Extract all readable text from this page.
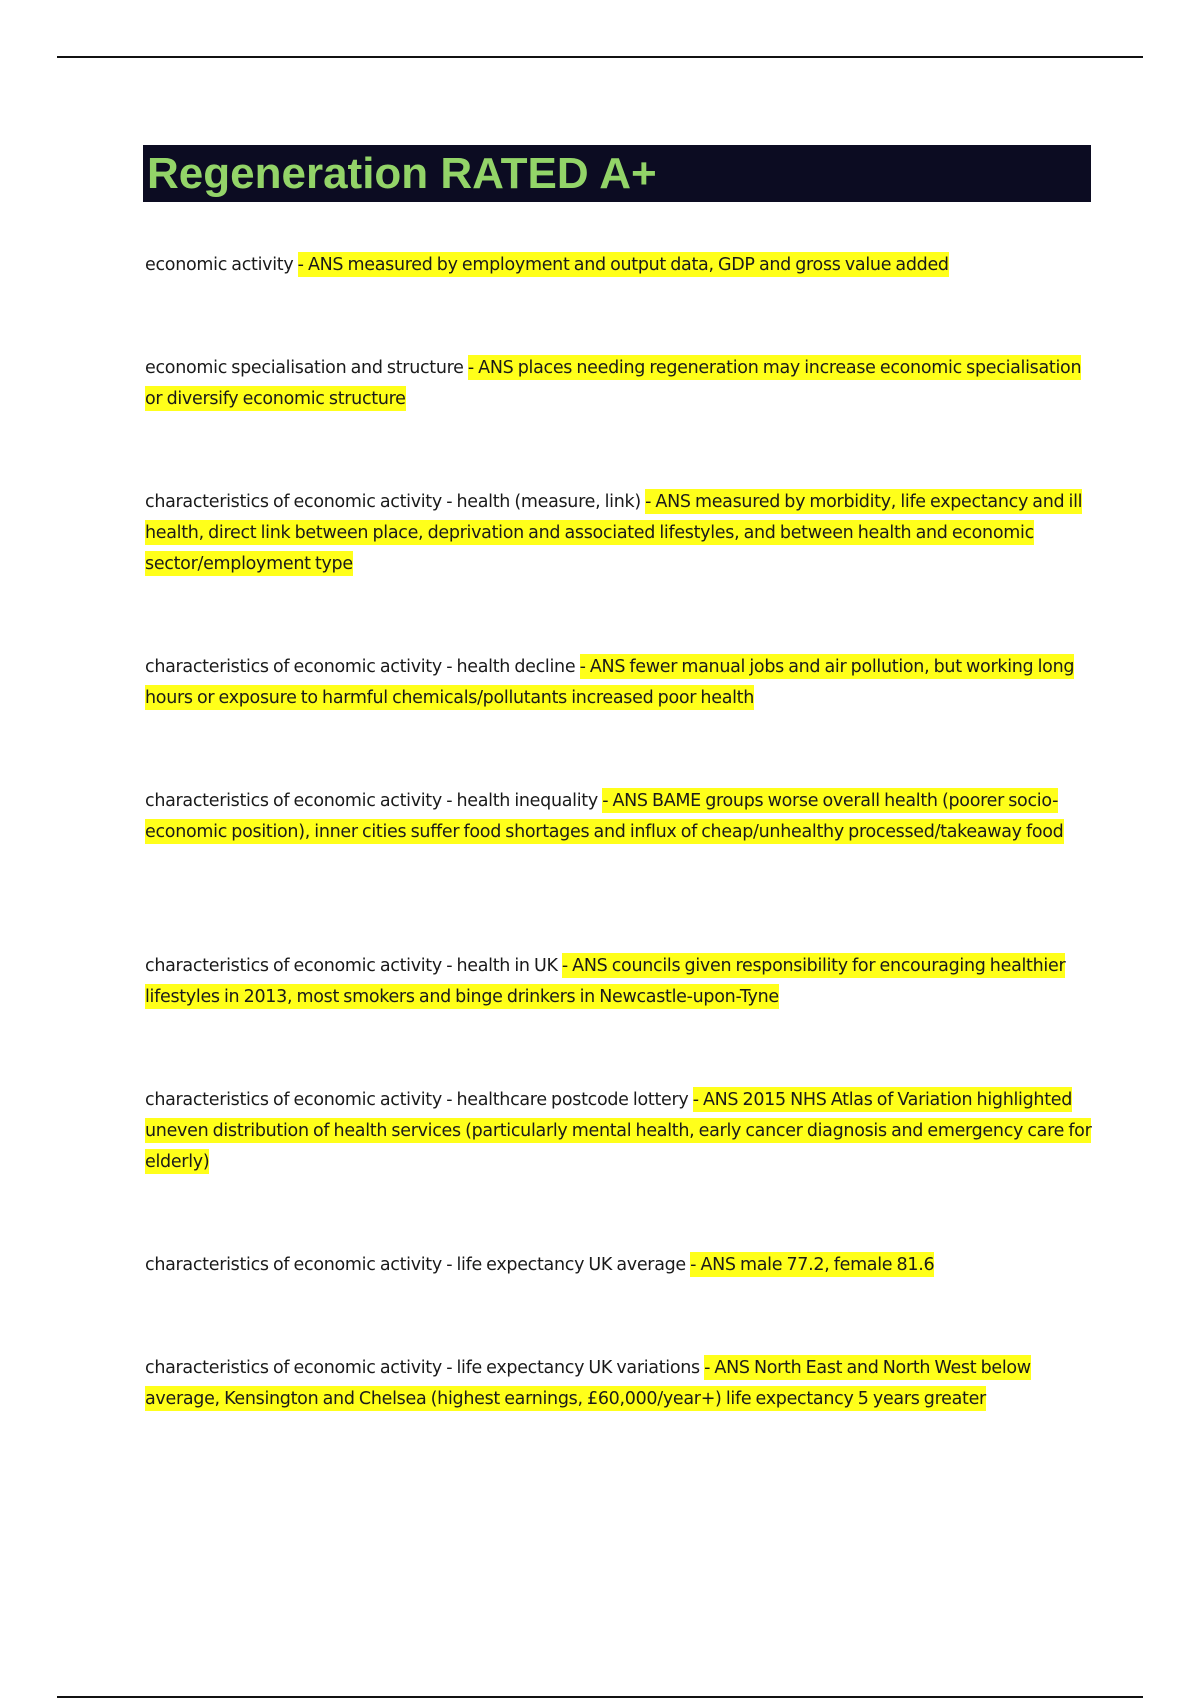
Regeneration RATED A+
economic activity - ANS measured by employment and output data, GDP and gross value added
economic specialisation and structure - ANS places needing regeneration may increase economic specialisation or diversify economic structure
characteristics of economic activity - health (measure, link) - ANS measured by morbidity, life expectancy and ill health, direct link between place, deprivation and associated lifestyles, and between health and economic sector/employment type
characteristics of economic activity - health decline - ANS fewer manual jobs and air pollution, but working long hours or exposure to harmful chemicals/pollutants increased poor health
characteristics of economic activity - health inequality - ANS BAME groups worse overall health (poorer socio-economic position), inner cities suffer food shortages and influx of cheap/unhealthy processed/takeaway food
characteristics of economic activity - health in UK - ANS councils given responsibility for encouraging healthier lifestyles in 2013, most smokers and binge drinkers in Newcastle-upon-Tyne
characteristics of economic activity - healthcare postcode lottery - ANS 2015 NHS Atlas of Variation highlighted uneven distribution of health services (particularly mental health, early cancer diagnosis and emergency care for elderly)
characteristics of economic activity - life expectancy UK average - ANS male 77.2, female 81.6
characteristics of economic activity - life expectancy UK variations - ANS North East and North West below average, Kensington and Chelsea (highest earnings, £60,000/year+) life expectancy 5 years greater
